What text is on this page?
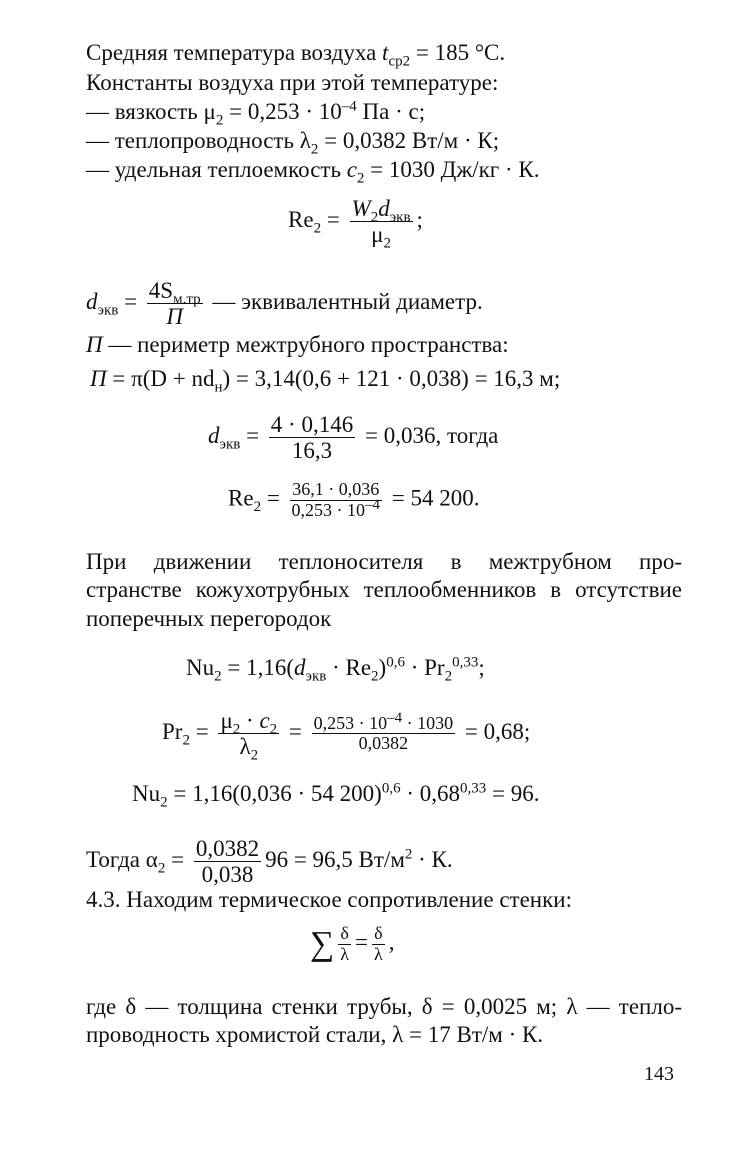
Средняя температура воздуха $t_{ср2} = 185$ °С.
Константы воздуха при этой температуре:
— вязкость $\mu_2 = 0,253 \cdot 10^{-4}$ Па · с;
— теплопроводность $\lambda_2 = 0,0382$ Вт/м · К;
— удельная теплоемкость $c_2 = 1030$ Дж/кг · К.
$Re_2 = \frac{W_2d_{экв}}{\mu_2}$ ;
$d_{экв} = \frac{4S_{м.тр}}{П}$ — эквивалентный диаметр.
П — периметр межтрубного пространства:
$П = \pi(D + nd_н) = 3,14(0,6 + 121 \cdot 0,038) = 16,3$ м;
$d_{экв} = \frac{4 \cdot 0,146}{16,3} = 0,036$, тогда
$Re_2 = \frac{36,1 \cdot 0,036}{0,253 \cdot 10^{-4}} = 54$ 200.
При движении теплоносителя в межтрубном про-
странстве кожухотрубных теплообменников в отсутствие
поперечных перегородок
$Nu_2 = 1,16(d_{экв} \cdot Re_2)^{0,6} \cdot Pr_2^{0,33}$;
$Pr_2 = \frac{\mu_2 \cdot c_2}{\lambda_2} = \frac{0,253 \cdot 10^{-4} \cdot 1030}{0,0382} = 0,68$;
$Nu_2 = 1,16(0,036 \cdot 54$ $200)^{0,6} \cdot 0,68^{0,33} = 96$.
Тогда $\alpha_2 = \frac{0,0382}{0,038} 96 = 96,5$ $Вт/м^2 \cdot К$.
4.3. Находим термическое сопротивление стенки:
∑ $\frac{\delta}{\lambda} = \frac{\delta}{\lambda}$ ,
где δ — толщина стенки трубы, δ = 0,0025 м; λ — тепло-
проводность хромистой стали, λ = 17 Вт/м · К.
143
